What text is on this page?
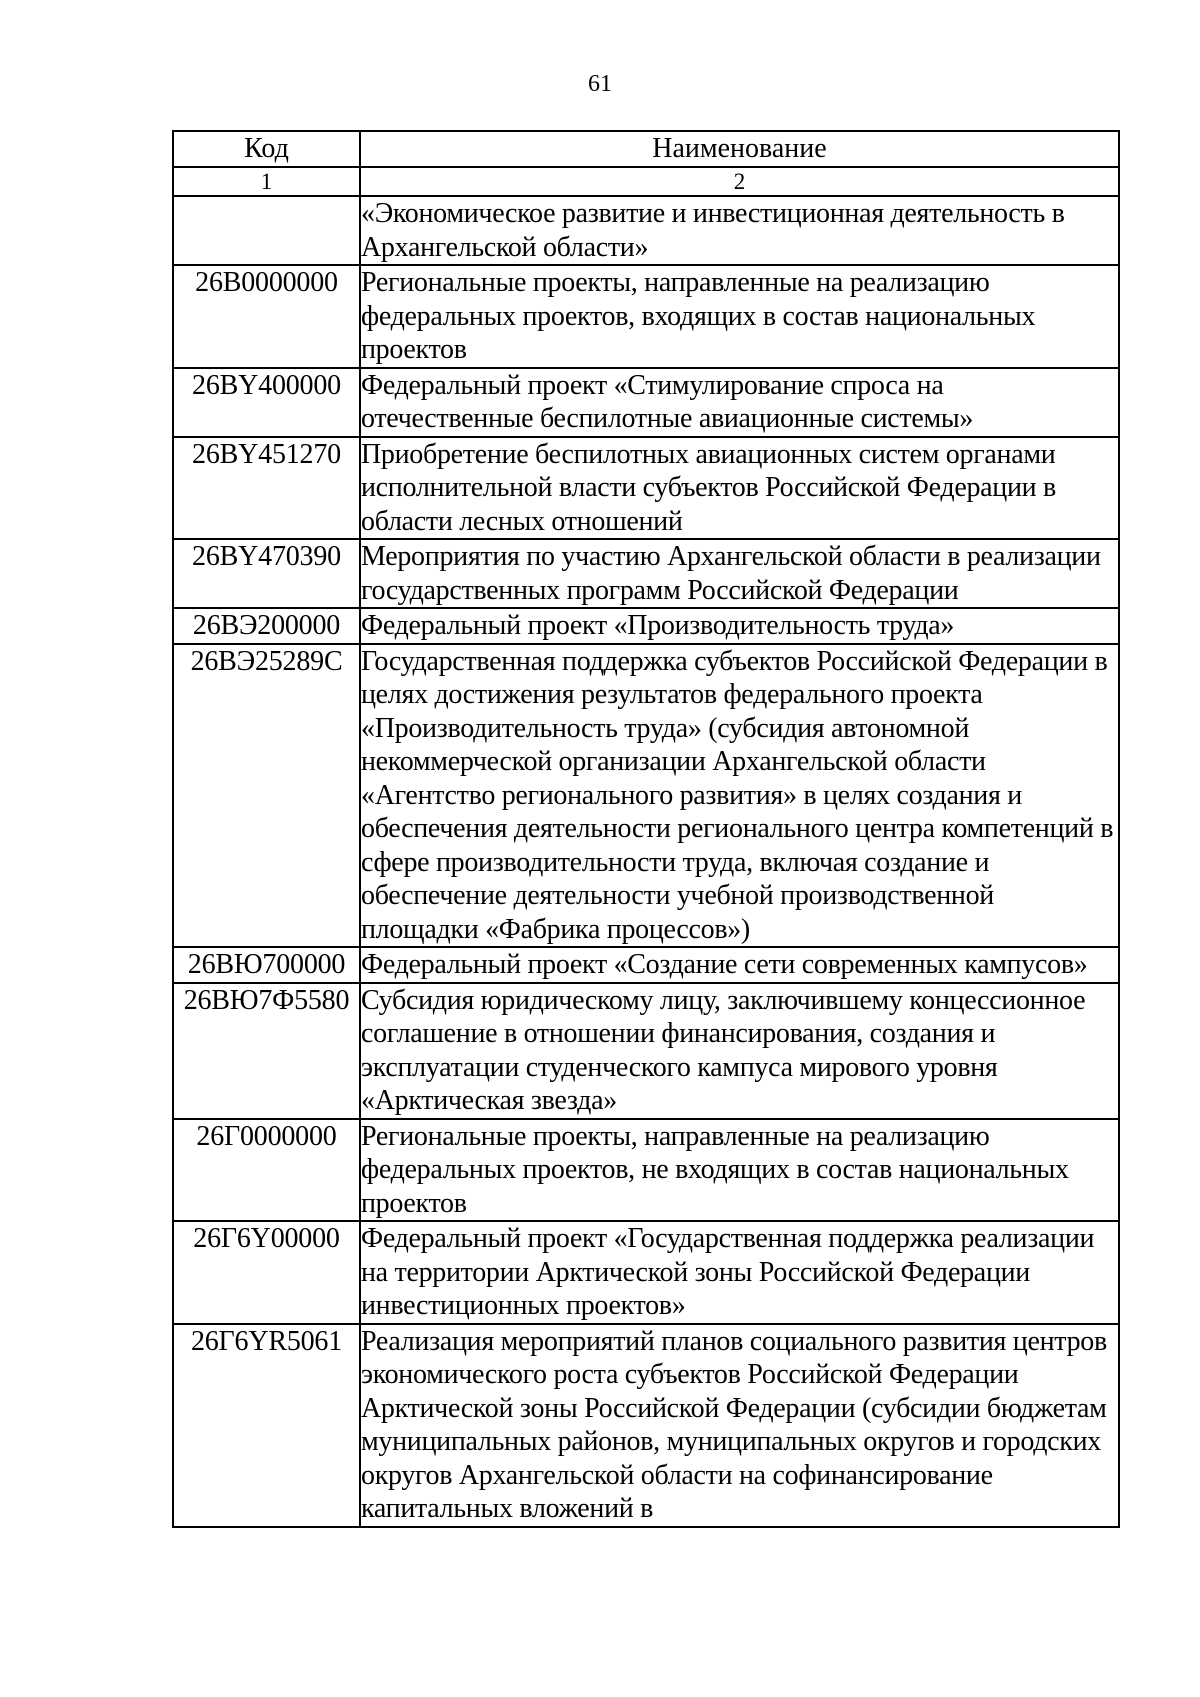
61
Код	Наименование
1	2
	«Экономическое развитие и инвестиционная деятельность в Архангельской области»
26В0000000	Региональные проекты, направленные на реализацию федеральных проектов, входящих в состав национальных проектов
26ВY400000	Федеральный проект «Стимулирование спроса на отечественные беспилотные авиационные системы»
26ВY451270	Приобретение беспилотных авиационных систем органами исполнительной власти субъектов Российской Федерации в области лесных отношений
26ВY470390	Мероприятия по участию Архангельской области в реализации государственных программ Российской Федерации
26ВЭ200000	Федеральный проект «Производительность труда»
26ВЭ25289С	Государственная поддержка субъектов Российской Федерации в целях достижения результатов федерального проекта «Производительность труда» (субсидия автономной некоммерческой организации Архангельской области «Агентство регионального развития» в целях создания и обеспечения деятельности регионального центра компетенций в сфере производительности труда, включая создание и обеспечение деятельности учебной производственной площадки «Фабрика процессов»)
26ВЮ700000	Федеральный проект «Создание сети современных кампусов»
26ВЮ7Ф5580	Субсидия юридическому лицу, заключившему концессионное соглашение в отношении финансирования, создания и эксплуатации студенческого кампуса мирового уровня «Арктическая звезда»
26Г0000000	Региональные проекты, направленные на реализацию федеральных проектов, не входящих в состав национальных проектов
26Г6Y00000	Федеральный проект «Государственная поддержка реализации на территории Арктической зоны Российской Федерации инвестиционных проектов»
26Г6YR5061	Реализация мероприятий планов социального развития центров экономического роста субъектов Российской Федерации Арктической зоны Российской Федерации (субсидии бюджетам муниципальных районов, муниципальных округов и городских округов Архангельской области на софинансирование капитальных вложений в
